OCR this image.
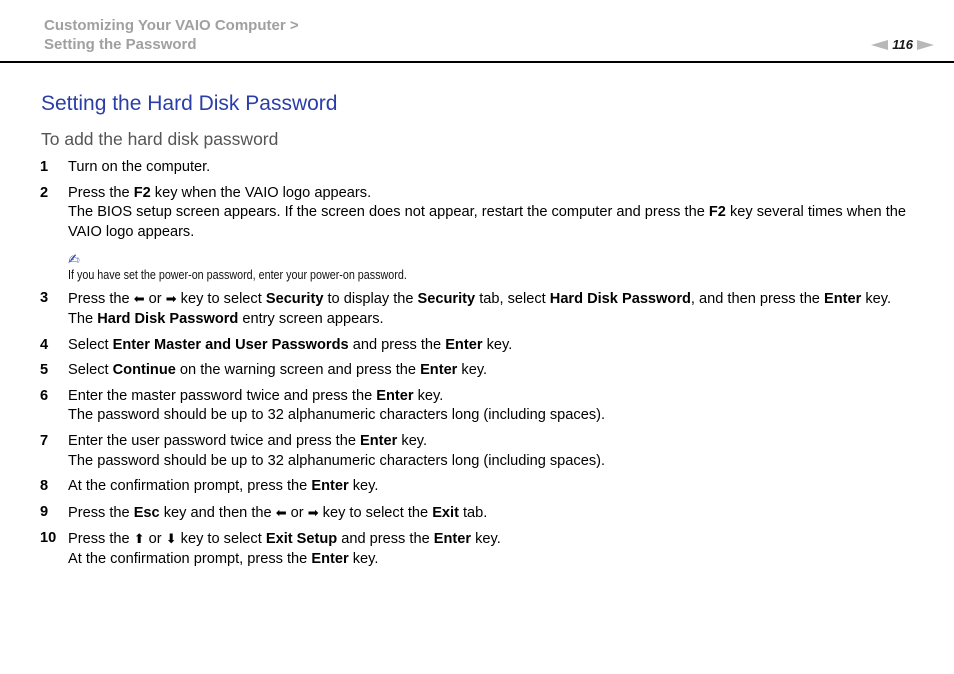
Customizing Your VAIO Computer >
Setting the Password	116
Setting the Hard Disk Password
To add the hard disk password
1 Turn on the computer.
2 Press the F2 key when the VAIO logo appears.
The BIOS setup screen appears. If the screen does not appear, restart the computer and press the F2 key several times when the VAIO logo appears.
✍
If you have set the power-on password, enter your power-on password.
3 Press the ⬅ or ➡ key to select Security to display the Security tab, select Hard Disk Password, and then press the Enter key.
The Hard Disk Password entry screen appears.
4 Select Enter Master and User Passwords and press the Enter key.
5 Select Continue on the warning screen and press the Enter key.
6 Enter the master password twice and press the Enter key.
The password should be up to 32 alphanumeric characters long (including spaces).
7 Enter the user password twice and press the Enter key.
The password should be up to 32 alphanumeric characters long (including spaces).
8 At the confirmation prompt, press the Enter key.
9 Press the Esc key and then the ⬅ or ➡ key to select the Exit tab.
10 Press the ⬆ or ⬇ key to select Exit Setup and press the Enter key.
At the confirmation prompt, press the Enter key.
